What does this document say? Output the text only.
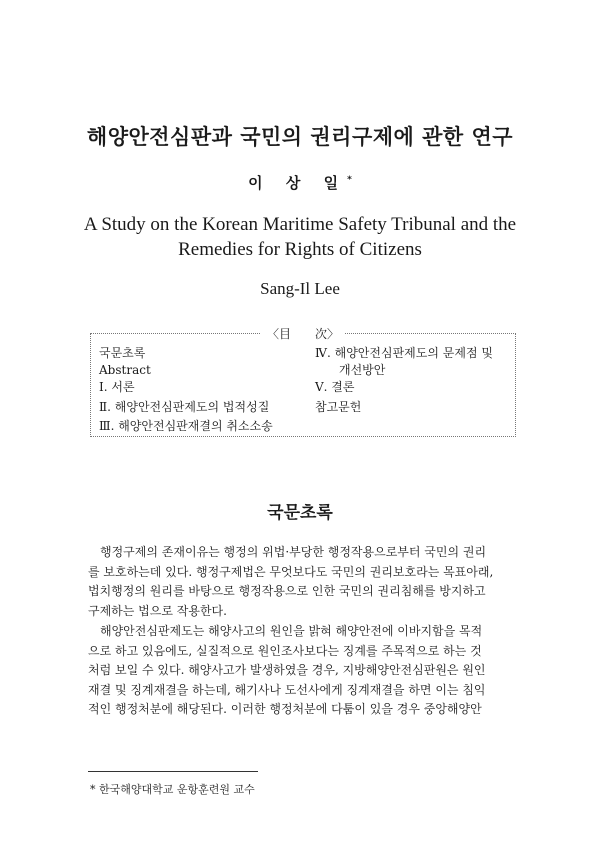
해양안전심판과 국민의 권리구제에 관한 연구
이 상 일*
A Study on the Korean Maritime Safety Tribunal and the Remedies for Rights of Citizens
Sang-Il Lee
〈目　　次〉
국문초록
Abstract
Ⅰ. 서론
Ⅱ. 해양안전심판제도의 법적성질
Ⅲ. 해양안전심판재결의 취소소송
Ⅳ. 해양안전심판제도의 문제점 및
개선방안
Ⅴ. 결론
참고문헌
국문초록
행정구제의 존재이유는 행정의 위법·부당한 행정작용으로부터 국민의 권리
를 보호하는데 있다. 행정구제법은 무엇보다도 국민의 권리보호라는 목표아래,
법치행정의 원리를 바탕으로 행정작용으로 인한 국민의 권리침해를 방지하고
구제하는 법으로 작용한다.
해양안전심판제도는 해양사고의 원인을 밝혀 해양안전에 이바지함을 목적
으로 하고 있음에도, 실질적으로 원인조사보다는 징계를 주목적으로 하는 것
처럼 보일 수 있다. 해양사고가 발생하였을 경우, 지방해양안전심판원은 원인
재결 및 징계재결을 하는데, 해기사나 도선사에게 징계재결을 하면 이는 침익
적인 행정처분에 해당된다. 이러한 행정처분에 다툼이 있을 경우 중앙해양안
* 한국해양대학교 운항훈련원 교수
